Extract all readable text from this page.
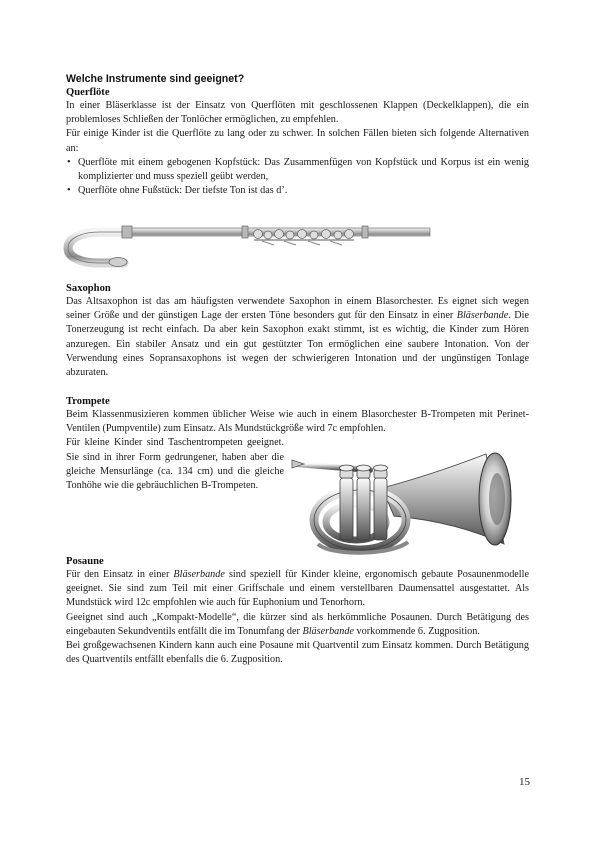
Welche Instrumente sind geeignet?
Querflöte

In einer Bläserklasse ist der Einsatz von Querflöten mit geschlossenen Klappen (Deckelklappen), die ein problemloses Schließen der Tonlöcher ermöglichen, zu empfehlen.

Für einige Kinder ist die Querflöte zu lang oder zu schwer. In solchen Fällen bieten sich folgende Alternativen an:

• Querflöte mit einem gebogenen Kopfstück: Das Zusammenfügen von Kopfstück und Korpus ist ein wenig komplizierter und muss speziell geübt werden,
• Querflöte ohne Fußstück: Der tiefste Ton ist das d’.
Saxophon

Das Altsaxophon ist das am häufigsten verwendete Saxophon in einem Blasorchester. Es eignet sich wegen seiner Größe und der günstigen Lage der ersten Töne besonders gut für den Einsatz in einer Bläserbande. Die Tonerzeugung ist recht einfach. Da aber kein Saxophon exakt stimmt, ist es wichtig, die Kinder zum Hören anzuregen. Ein stabiler Ansatz und ein gut gestützter Ton ermöglichen eine saubere Intonation. Von der Verwendung eines Sopransaxophons ist wegen der schwierigeren Intonation und der ungünstigen Tonlage abzuraten.

Trompete

Beim Klassenmusizieren kommen üblicher Weise wie auch in einem Blasorchester B-Trompeten mit Perinet-Ventilen (Pumpventile) zum Einsatz. Als Mundstückgröße wird 7c empfohlen.

Für kleine Kinder sind Taschentrompeten geeignet. Sie sind in ihrer Form gedrungener, haben aber die gleiche Mensurlänge (ca. 134 cm) und die gleiche Tonhöhe wie die gebräuchlichen B-Trompeten.

Posaune

Für den Einsatz in einer Bläserbande sind speziell für Kinder kleine, ergonomisch gebaute Posaunenmodelle geeignet. Sie sind zum Teil mit einer Griffschale und einem verstellbaren Daumensattel ausgestattet. Als Mundstück wird 12c empfohlen wie auch für Euphonium und Tenorhorn.

Geeignet sind auch „Kompakt-Modelle“, die kürzer sind als herkömmliche Posaunen. Durch Betätigung des eingebauten Sekundventils entfällt die im Tonumfang der Bläserbande vorkommende 6. Zugposition.

Bei großgewachsenen Kindern kann auch eine Posaune mit Quartventil zum Einsatz kommen. Durch Betätigung des Quartventils entfällt ebenfalls die 6. Zugposition.

15
